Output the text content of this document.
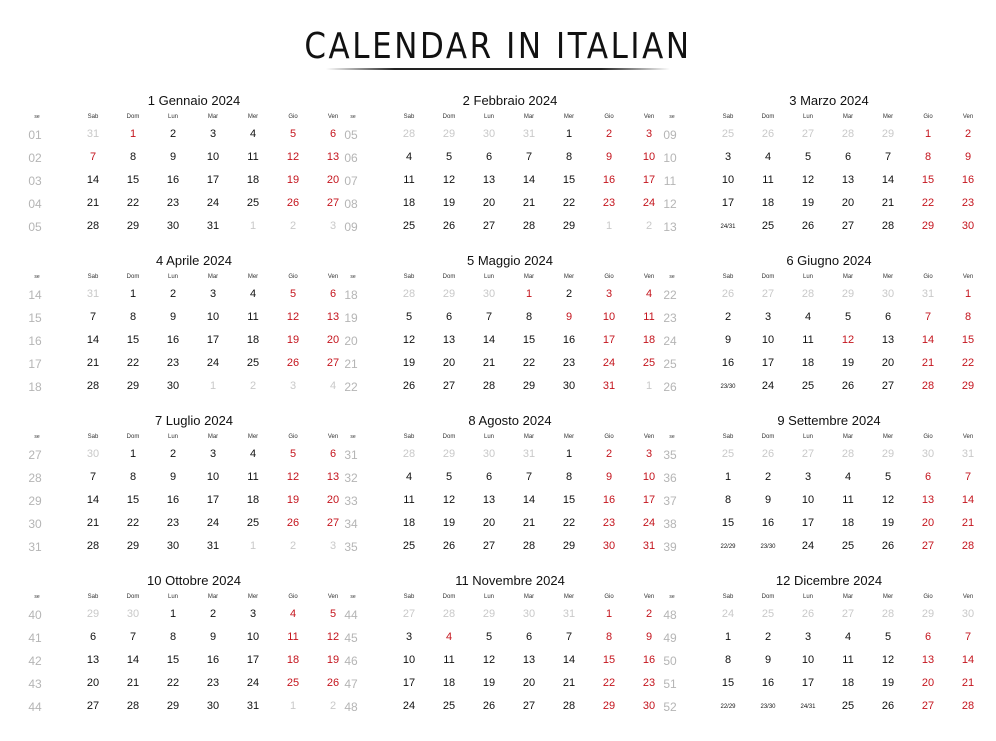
CALENDAR IN ITALIAN
1 Gennaio 2024
se	Sab	Dom	Lun	Mar	Mer	Gio	Ven
01	31	1	2	3	4	5	6
02	7	8	9	10	11	12	13
03	14	15	16	17	18	19	20
04	21	22	23	24	25	26	27
05	28	29	30	31	1	2	3
2 Febbraio 2024
se	Sab	Dom	Lun	Mar	Mer	Gio	Ven
05	28	29	30	31	1	2	3
06	4	5	6	7	8	9	10
07	11	12	13	14	15	16	17
08	18	19	20	21	22	23	24
09	25	26	27	28	29	1	2
3 Marzo 2024
se	Sab	Dom	Lun	Mar	Mer	Gio	Ven
09	25	26	27	28	29	1	2
10	3	4	5	6	7	8	9
11	10	11	12	13	14	15	16
12	17	18	19	20	21	22	23
13	24/31	25	26	27	28	29	30
4 Aprile 2024
se	Sab	Dom	Lun	Mar	Mer	Gio	Ven
14	31	1	2	3	4	5	6
15	7	8	9	10	11	12	13
16	14	15	16	17	18	19	20
17	21	22	23	24	25	26	27
18	28	29	30	1	2	3	4
5 Maggio 2024
se	Sab	Dom	Lun	Mar	Mer	Gio	Ven
18	28	29	30	1	2	3	4
19	5	6	7	8	9	10	11
20	12	13	14	15	16	17	18
21	19	20	21	22	23	24	25
22	26	27	28	29	30	31	1
6 Giugno 2024
se	Sab	Dom	Lun	Mar	Mer	Gio	Ven
22	26	27	28	29	30	31	1
23	2	3	4	5	6	7	8
24	9	10	11	12	13	14	15
25	16	17	18	19	20	21	22
26	23/30	24	25	26	27	28	29
7 Luglio 2024
se	Sab	Dom	Lun	Mar	Mer	Gio	Ven
27	30	1	2	3	4	5	6
28	7	8	9	10	11	12	13
29	14	15	16	17	18	19	20
30	21	22	23	24	25	26	27
31	28	29	30	31	1	2	3
8 Agosto 2024
se	Sab	Dom	Lun	Mar	Mer	Gio	Ven
31	28	29	30	31	1	2	3
32	4	5	6	7	8	9	10
33	11	12	13	14	15	16	17
34	18	19	20	21	22	23	24
35	25	26	27	28	29	30	31
9 Settembre 2024
se	Sab	Dom	Lun	Mar	Mer	Gio	Ven
35	25	26	27	28	29	30	31
36	1	2	3	4	5	6	7
37	8	9	10	11	12	13	14
38	15	16	17	18	19	20	21
39	22/29	23/30	24	25	26	27	28
10 Ottobre 2024
se	Sab	Dom	Lun	Mar	Mer	Gio	Ven
40	29	30	1	2	3	4	5
41	6	7	8	9	10	11	12
42	13	14	15	16	17	18	19
43	20	21	22	23	24	25	26
44	27	28	29	30	31	1	2
11 Novembre 2024
se	Sab	Dom	Lun	Mar	Mer	Gio	Ven
44	27	28	29	30	31	1	2
45	3	4	5	6	7	8	9
46	10	11	12	13	14	15	16
47	17	18	19	20	21	22	23
48	24	25	26	27	28	29	30
12 Dicembre 2024
se	Sab	Dom	Lun	Mar	Mer	Gio	Ven
48	24	25	26	27	28	29	30
49	1	2	3	4	5	6	7
50	8	9	10	11	12	13	14
51	15	16	17	18	19	20	21
52	22/29	23/30	24/31	25	26	27	28
